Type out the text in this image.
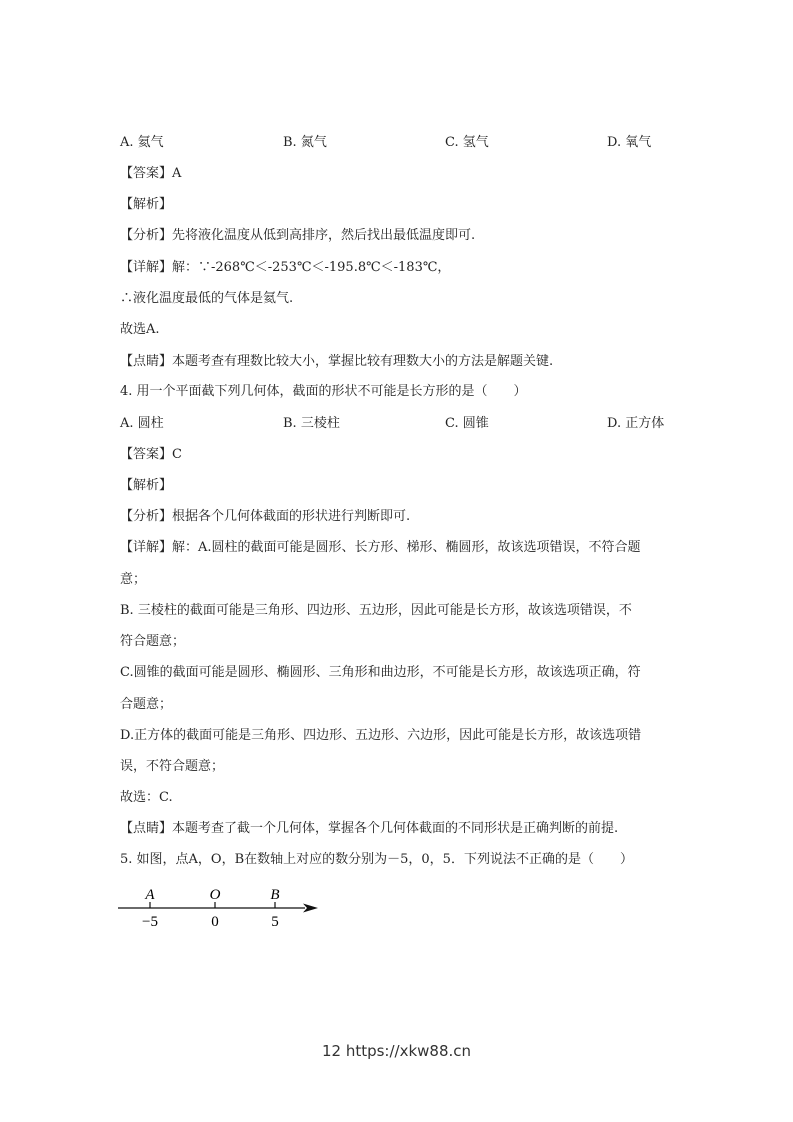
A. 氦气	B. 氮气	C. 氢气	D. 氧气
【答案】A
【解析】
【分析】先将液化温度从低到高排序，然后找出最低温度即可.
【详解】解：∵-268℃＜-253℃＜-195.8℃＜-183℃，
∴液化温度最低的气体是氦气.
故选A.
【点睛】本题考查有理数比较大小，掌握比较有理数大小的方法是解题关键.
4. 用一个平面截下列几何体，截面的形状不可能是长方形的是（　　）
A. 圆柱	B. 三棱柱	C. 圆锥	D. 正方体
【答案】C
【解析】
【分析】根据各个几何体截面的形状进行判断即可.
【详解】解：A.圆柱的截面可能是圆形、长方形、梯形、椭圆形，故该选项错误，不符合题
意；
B. 三棱柱的截面可能是三角形、四边形、五边形，因此可能是长方形，故该选项错误，不
符合题意；
C.圆锥的截面可能是圆形、椭圆形、三角形和曲边形，不可能是长方形，故该选项正确，符
合题意；
D.正方体的截面可能是三角形、四边形、五边形、六边形，因此可能是长方形，故该选项错
误，不符合题意；
故选：C.
【点睛】本题考查了截一个几何体，掌握各个几何体截面的不同形状是正确判断的前提.
5. 如图，点A，O，B在数轴上对应的数分别为－5，0，5．下列说法不正确的是（　　）
A
−5
O
0
B
5
12 https://xkw88.cn
